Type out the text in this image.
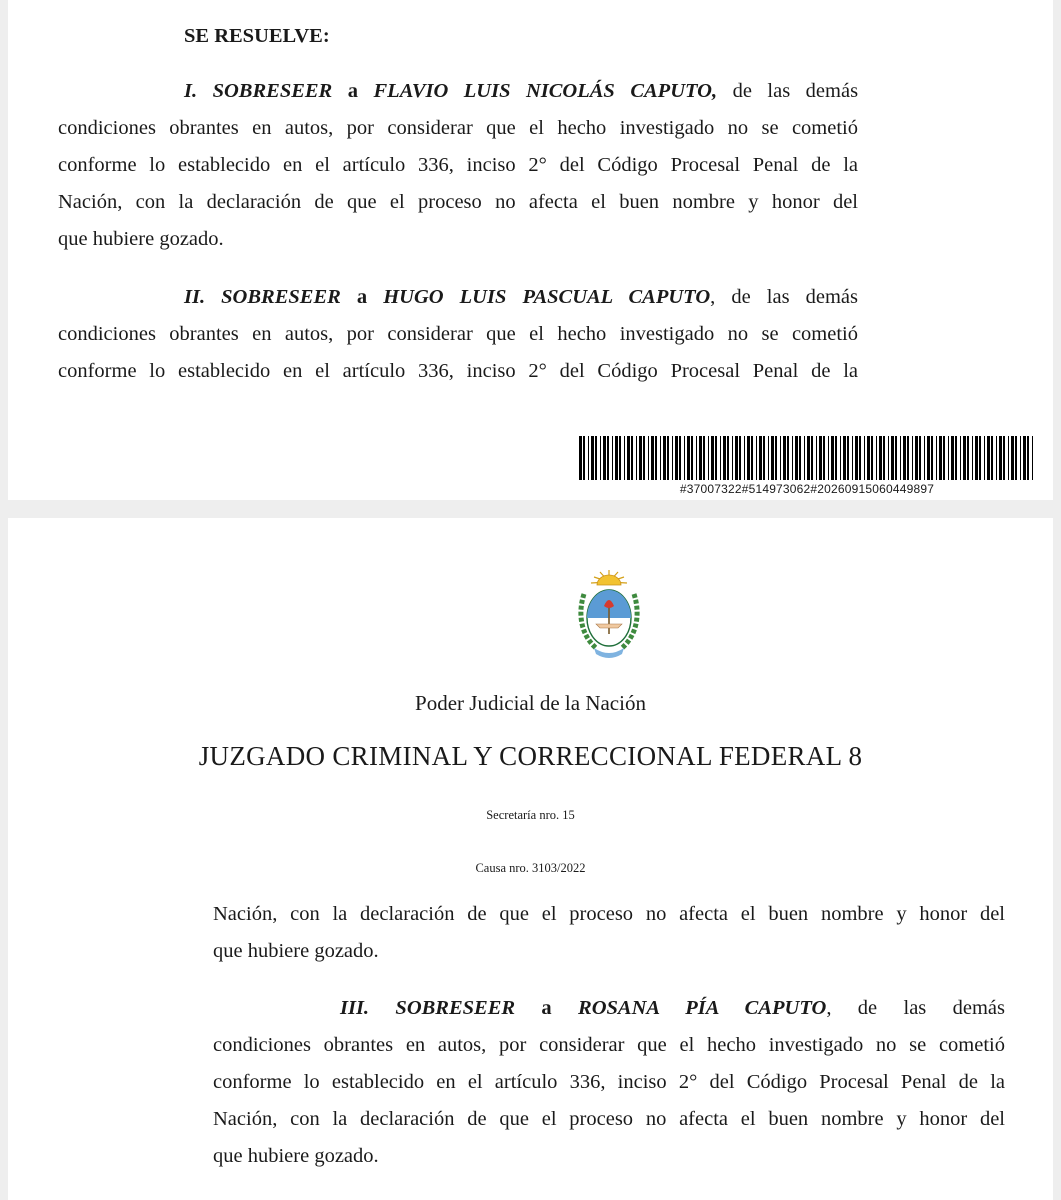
SE RESUELVE:
I. SOBRESEER a FLAVIO LUIS NICOLÁS CAPUTO, de las demás
condiciones obrantes en autos, por considerar que el hecho investigado no se cometió
conforme lo establecido en el artículo 336, inciso 2° del Código Procesal Penal de la
Nación, con la declaración de que el proceso no afecta el buen nombre y honor del
que hubiere gozado.
II. SOBRESEER a HUGO LUIS PASCUAL CAPUTO, de las demás
condiciones obrantes en autos, por considerar que el hecho investigado no se cometió
conforme lo establecido en el artículo 336, inciso 2° del Código Procesal Penal de la
#37007322#514973062#20260915060449897
Poder Judicial de la Nación
JUZGADO CRIMINAL Y CORRECCIONAL FEDERAL 8
Secretaría nro. 15
Causa nro. 3103/2022
Nación, con la declaración de que el proceso no afecta el buen nombre y honor del
que hubiere gozado.
III. SOBRESEER a ROSANA PÍA CAPUTO, de las demás
condiciones obrantes en autos, por considerar que el hecho investigado no se cometió
conforme lo establecido en el artículo 336, inciso 2° del Código Procesal Penal de la
Nación, con la declaración de que el proceso no afecta el buen nombre y honor del
que hubiere gozado.
